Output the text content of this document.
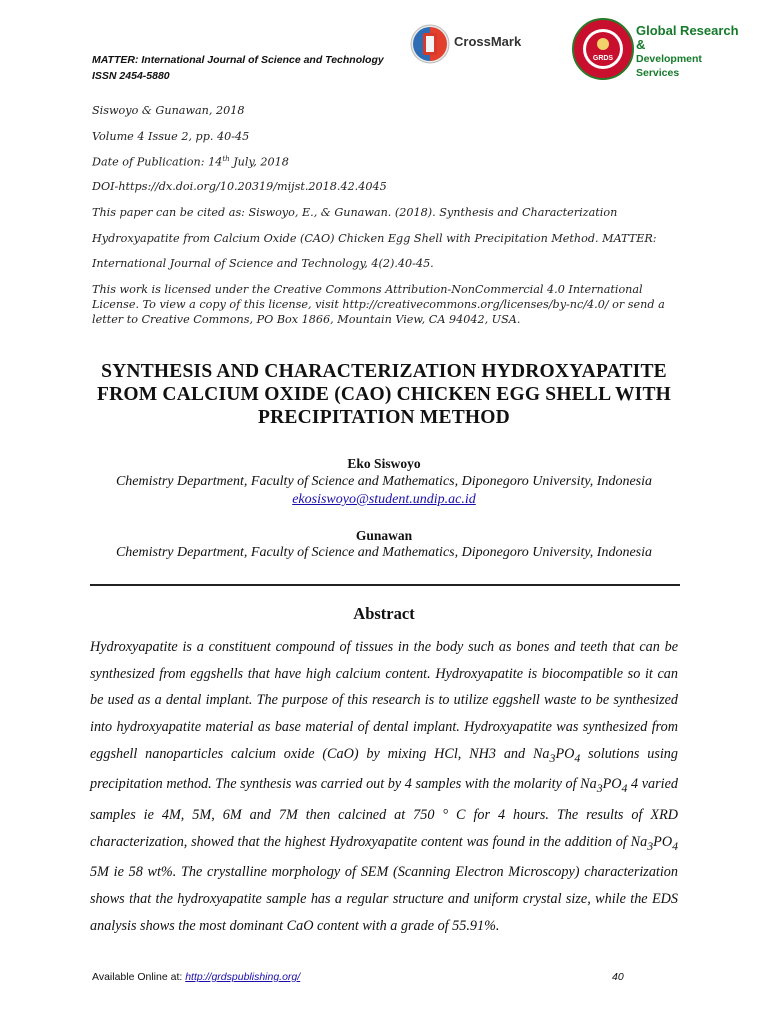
MATTER: International Journal of Science and Technology
ISSN 2454-5880
CrossMark
GRDS
Global Research &
Development Services
Siswoyo & Gunawan, 2018
Volume 4 Issue 2, pp. 40-45
Date of Publication: 14th July, 2018
DOI-https://dx.doi.org/10.20319/mijst.2018.42.4045
This paper can be cited as: Siswoyo, E., & Gunawan. (2018). Synthesis and Characterization
Hydroxyapatite from Calcium Oxide (CAO) Chicken Egg Shell with Precipitation Method. MATTER:
International Journal of Science and Technology, 4(2).40-45.
This work is licensed under the Creative Commons Attribution-NonCommercial 4.0 International License. To view a copy of this license, visit http://creativecommons.org/licenses/by-nc/4.0/ or send a letter to Creative Commons, PO Box 1866, Mountain View, CA 94042, USA.
SYNTHESIS AND CHARACTERIZATION HYDROXYAPATITE
FROM CALCIUM OXIDE (CAO) CHICKEN EGG SHELL WITH
PRECIPITATION METHOD
Eko Siswoyo
Chemistry Department, Faculty of Science and Mathematics, Diponegoro University, Indonesia
ekosiswoyo@student.undip.ac.id
Gunawan
Chemistry Department, Faculty of Science and Mathematics, Diponegoro University, Indonesia
Abstract

Hydroxyapatite is a constituent compound of tissues in the body such as bones and teeth that can be synthesized from eggshells that have high calcium content. Hydroxyapatite is biocompatible so it can be used as a dental implant. The purpose of this research is to utilize eggshell waste to be synthesized into hydroxyapatite material as base material of dental implant. Hydroxyapatite was synthesized from eggshell nanoparticles calcium oxide (CaO) by mixing HCl, NH3 and $Na_3PO_4$ solutions using precipitation method. The synthesis was carried out by 4 samples with the molarity of $Na_3PO_4$ 4 varied samples ie 4M, 5M, 6M and 7M then calcined at 750 ° C for 4 hours. The results of XRD characterization, showed that the highest Hydroxyapatite content was found in the addition of $Na_3PO_4$ 5M ie 58 wt%. The crystalline morphology of SEM (Scanning Electron Microscopy) characterization shows that the hydroxyapatite sample has a regular structure and uniform crystal size, while the EDS analysis shows the most dominant CaO content with a grade of 55.91%.

Available Online at: http://grdspublishing.org/	40
